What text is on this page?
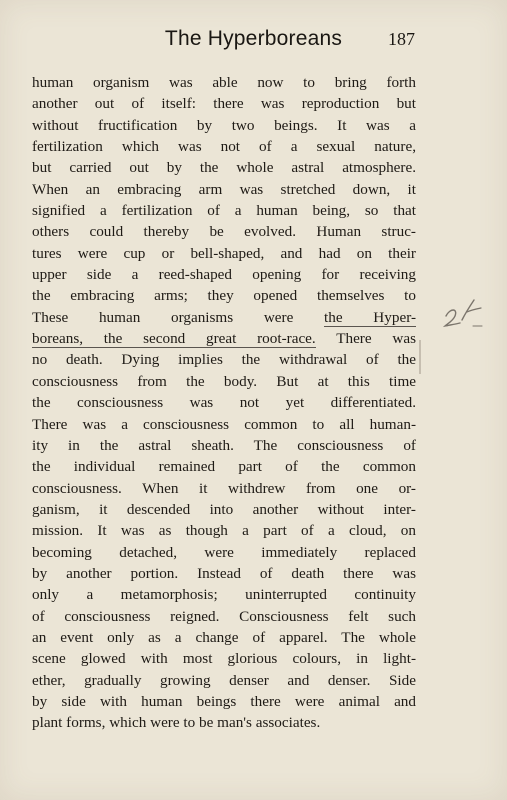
The Hyperboreans	187
human organism was able now to bring forth
another out of itself: there was reproduction but
without fructification by two beings. It was a
fertilization which was not of a sexual nature,
but carried out by the whole astral atmosphere.
When an embracing arm was stretched down, it
signified a fertilization of a human being, so that
others could thereby be evolved. Human struc-
tures were cup or bell-shaped, and had on their
upper side a reed-shaped opening for receiving
the embracing arms; they opened themselves to
These human organisms were the Hyper-
boreans, the second great root-race. There was
no death. Dying implies the withdrawal of the
consciousness from the body. But at this time
the consciousness was not yet differentiated.
There was a consciousness common to all human-
ity in the astral sheath. The consciousness of
the individual remained part of the common
consciousness. When it withdrew from one or-
ganism, it descended into another without inter-
mission. It was as though a part of a cloud, on
becoming detached, were immediately replaced
by another portion. Instead of death there was
only a metamorphosis; uninterrupted continuity
of consciousness reigned. Consciousness felt such
an event only as a change of apparel. The whole
scene glowed with most glorious colours, in light-
ether, gradually growing denser and denser. Side
by side with human beings there were animal and
plant forms, which were to be man's associates.
